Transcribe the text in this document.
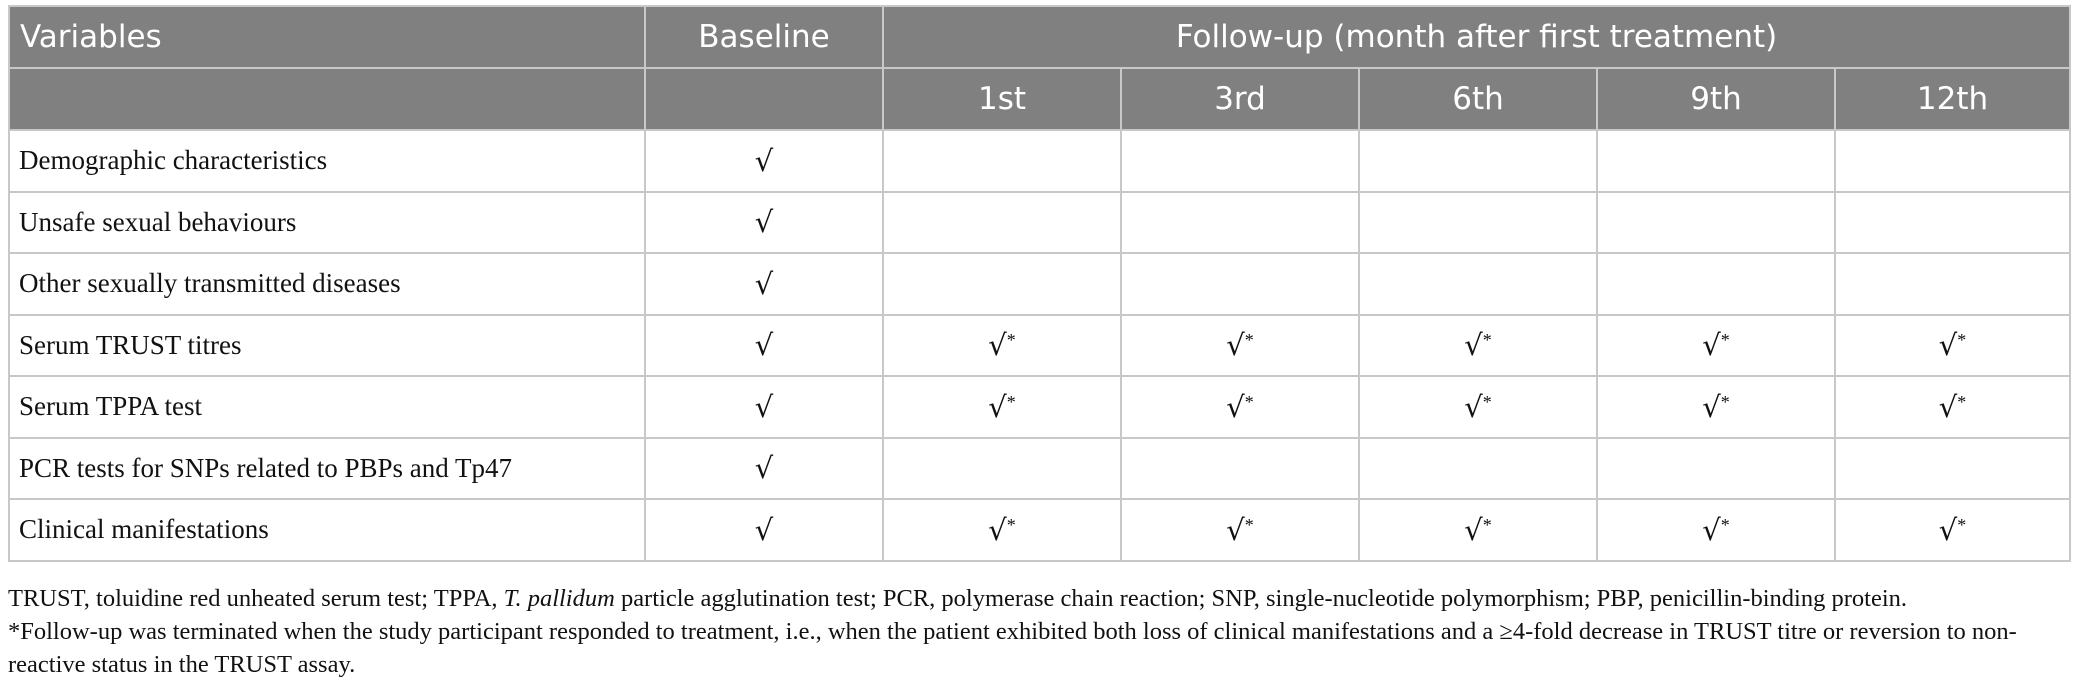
Variables	Baseline	Follow-up (month after first treatment)				
		1st	3rd	6th	9th	12th
Demographic characteristics	√					
Unsafe sexual behaviours	√					
Other sexually transmitted diseases	√					
Serum TRUST titres	√	√*	√*	√*	√*	√*
Serum TPPA test	√	√*	√*	√*	√*	√*
PCR tests for SNPs related to PBPs and Tp47	√					
Clinical manifestations	√	√*	√*	√*	√*	√*

TRUST, toluidine red unheated serum test; TPPA, T. pallidum particle agglutination test; PCR, polymerase chain reaction; SNP, single-nucleotide polymorphism; PBP, penicillin-binding protein.

*Follow-up was terminated when the study participant responded to treatment, i.e., when the patient exhibited both loss of clinical manifestations and a ≥4-fold decrease in TRUST titre or reversion to non-reactive status in the TRUST assay.
